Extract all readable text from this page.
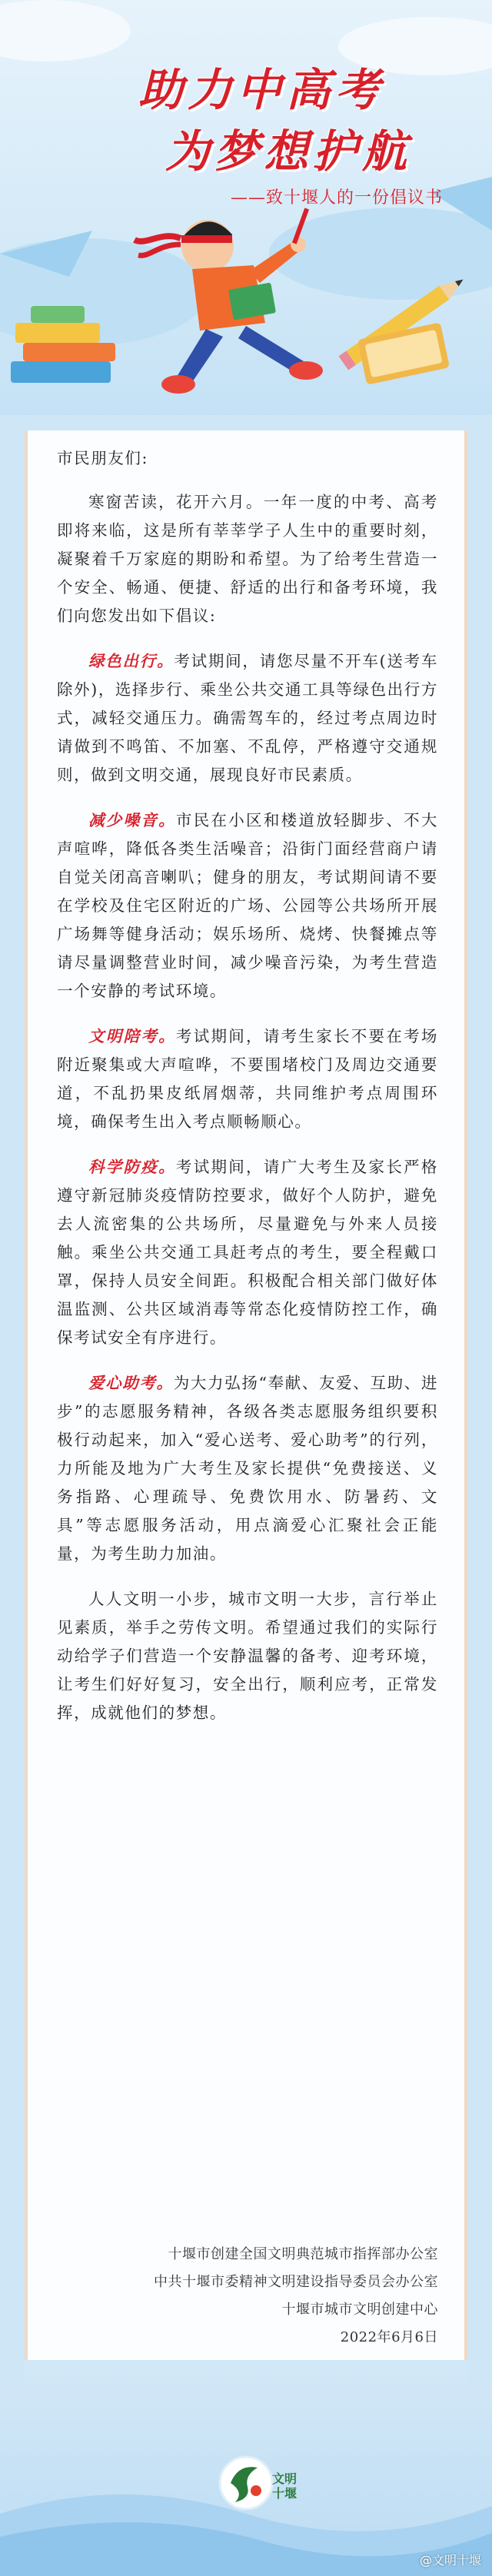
助力中高考
为梦想护航
——致十堰人的一份倡议书

市民朋友们:

寒窗苦读，花开六月。一年一度的中考、高考即将来临，这是所有莘莘学子人生中的重要时刻，凝聚着千万家庭的期盼和希望。为了给考生营造一个安全、畅通、便捷、舒适的出行和备考环境，我们向您发出如下倡议:

绿色出行。考试期间，请您尽量不开车(送考车除外)，选择步行、乘坐公共交通工具等绿色出行方式，减轻交通压力。确需驾车的，经过考点周边时请做到不鸣笛、不加塞、不乱停，严格遵守交通规则，做到文明交通，展现良好市民素质。

减少噪音。市民在小区和楼道放轻脚步、不大声喧哗，降低各类生活噪音；沿街门面经营商户请自觉关闭高音喇叭；健身的朋友，考试期间请不要在学校及住宅区附近的广场、公园等公共场所开展广场舞等健身活动；娱乐场所、烧烤、快餐摊点等请尽量调整营业时间，减少噪音污染，为考生营造一个安静的考试环境。

文明陪考。考试期间，请考生家长不要在考场附近聚集或大声喧哗，不要围堵校门及周边交通要道，不乱扔果皮纸屑烟蒂，共同维护考点周围环境，确保考生出入考点顺畅顺心。

科学防疫。考试期间，请广大考生及家长严格遵守新冠肺炎疫情防控要求，做好个人防护，避免去人流密集的公共场所，尽量避免与外来人员接触。乘坐公共交通工具赶考点的考生，要全程戴口罩，保持人员安全间距。积极配合相关部门做好体温监测、公共区域消毒等常态化疫情防控工作，确保考试安全有序进行。

爱心助考。为大力弘扬“奉献、友爱、互助、进步”的志愿服务精神，各级各类志愿服务组织要积极行动起来，加入“爱心送考、爱心助考”的行列，力所能及地为广大考生及家长提供“免费接送、义务指路、心理疏导、免费饮用水、防暑药、文具”等志愿服务活动，用点滴爱心汇聚社会正能量，为考生助力加油。

人人文明一小步，城市文明一大步，言行举止见素质，举手之劳传文明。希望通过我们的实际行动给学子们营造一个安静温馨的备考、迎考环境，让考生们好好复习，安全出行，顺利应考，正常发挥，成就他们的梦想。

十堰市创建全国文明典范城市指挥部办公室
中共十堰市委精神文明建设指导委员会办公室
十堰市城市文明创建中心
2022年6月6日
文明
十堰
@文明十堰
